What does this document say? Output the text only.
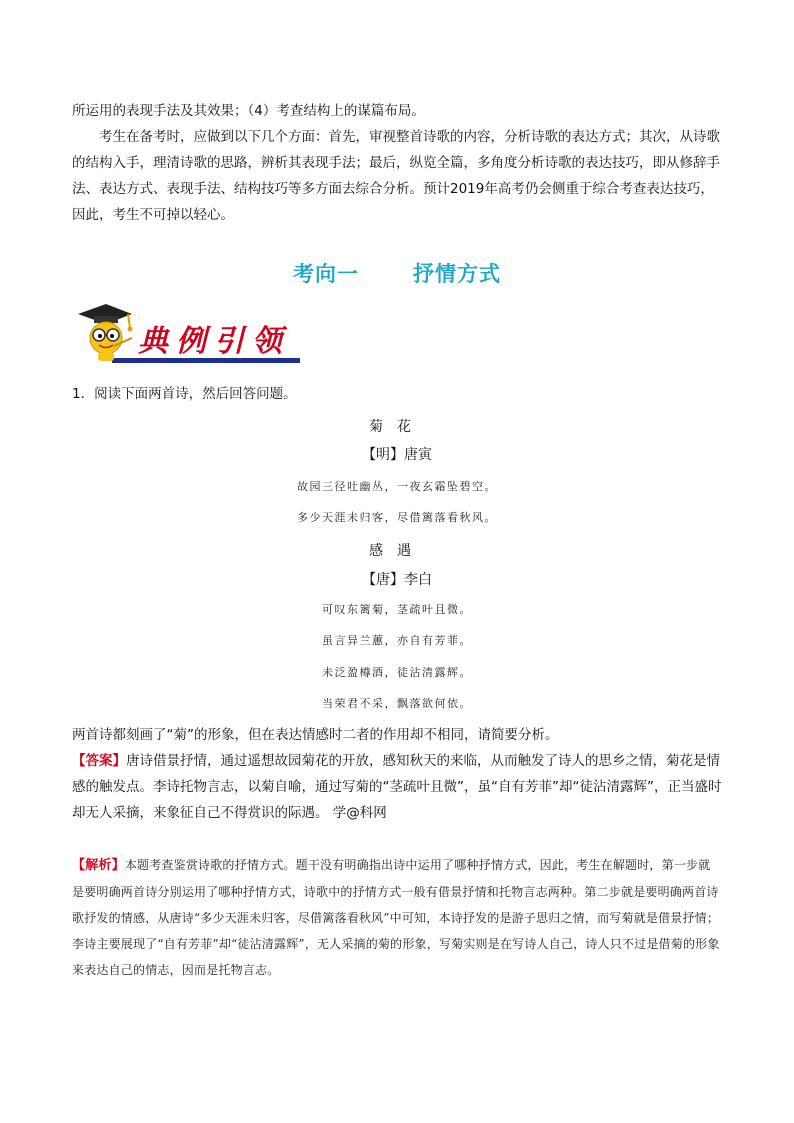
所运用的表现手法及其效果；（4）考查结构上的谋篇布局。

考生在备考时，应做到以下几个方面：首先，审视整首诗歌的内容，分析诗歌的表达方式；其次，从诗歌的结构入手，理清诗歌的思路，辨析其表现手法；最后，纵览全篇，多角度分析诗歌的表达技巧，即从修辞手法、表达方式、表现手法、结构技巧等多方面去综合分析。预计2019年高考仍会侧重于综合考查表达技巧，因此，考生不可掉以轻心。

考向一	抒情方式
典例引领

1．阅读下面两首诗，然后回答问题。

菊花
【明】唐寅
故园三径吐幽丛，一夜玄霜坠碧空。
多少天涯未归客，尽借篱落看秋风。
感遇
【唐】李白
可叹东篱菊，茎疏叶且微。
虽言异兰蕙，亦自有芳菲。
未泛盈樽酒，徒沾清露辉。
当荣君不采，飘落欲何依。

两首诗都刻画了“菊”的形象，但在表达情感时二者的作用却不相同，请简要分析。

【答案】唐诗借景抒情，通过遥想故园菊花的开放，感知秋天的来临，从而触发了诗人的思乡之情，菊花是情感的触发点。李诗托物言志，以菊自喻，通过写菊的“茎疏叶且微”，虽“自有芳菲”却“徒沾清露辉”，正当盛时却无人采摘，来象征自己不得赏识的际遇。 学@科网

【解析】本题考查鉴赏诗歌的抒情方式。题干没有明确指出诗中运用了哪种抒情方式，因此，考生在解题时，第一步就是要明确两首诗分别运用了哪种抒情方式，诗歌中的抒情方式一般有借景抒情和托物言志两种。第二步就是要明确两首诗歌抒发的情感，从唐诗“多少天涯未归客，尽借篱落看秋风”中可知，本诗抒发的是游子思归之情，而写菊就是借景抒情；李诗主要展现了“自有芳菲”却“徒沾清露辉”，无人采摘的菊的形象，写菊实则是在写诗人自己，诗人只不过是借菊的形象来表达自己的情志，因而是托物言志。
